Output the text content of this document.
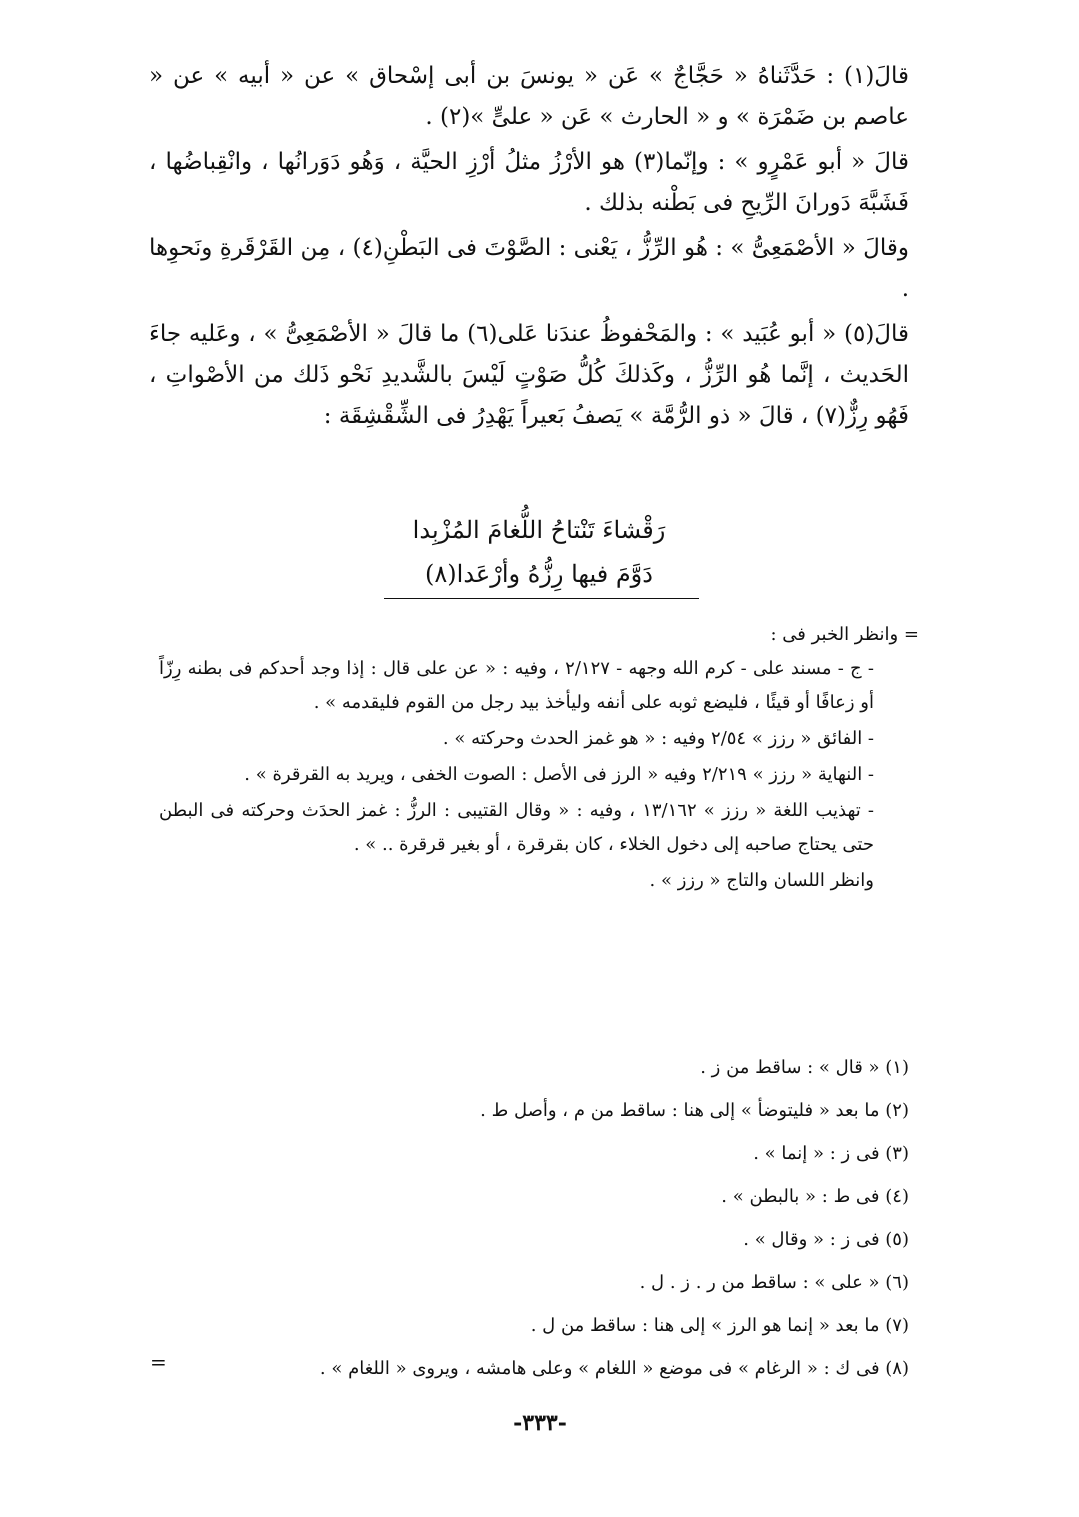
قالَ(١) : حَدَّثَناهُ « حَجَّاجٌ » عَن « يونسَ بن أبى إسْحاق » عن « أبيه » عن « عاصم بن ضَمْرَة » و « الحارث » عَن « علىٍّ »(٢) .

قالَ « أبو عَمْرٍو » : وإنّما(٣) هو الأرْزُ مثلُ أرْزِ الحيَّة ، وَهُو دَوَرانُها ، وانْقِباضُها ، فَشَبَّهَ دَورانَ الرِّيحِ فى بَطْنه بذلك .

وقالَ « الأصْمَعِىُّ » : هُو الرِّزُّ ، يَعْنى : الصَّوْتَ فى البَطْنِ(٤) ، مِن القَرْقَرةِ ونَحوِها .

قالَ(٥) « أبو عُبَيد » : والمَحْفوظُ عندَنا عَلى(٦) ما قالَ « الأصْمَعِىُّ » ، وعَليه جاءَ الحَديث ، إنَّما هُو الرِّزُّ ، وكَذلكَ كُلُّ صَوْتٍ لَيْسَ بالشَّديدِ نَحْو ذَلك من الأصْواتِ ، فَهُو رِزٌّ(٧) ، قالَ « ذو الرُّمَّة » يَصفُ بَعيراً يَهْدِرُ فى الشِّقْشِقَة :

رَقْشاءَ تَنْتاحُ اللُّغامَ المُزْبِدا
دَوَّمَ فيها رِزُّهُ وأرْعَدا(٨)
= وانظر الخبر فى :
- ج - مسند على - كرم الله وجهه - ٢/١٢٧ ، وفيه : « عن على قال : إذا وجد أحدكم فى بطنه رِزّاً أو زعافًا أو قيئًا ، فليضع ثوبه على أنفه وليأخذ بيد رجل من القوم فليقدمه » .
- الفائق « رزز » ٢/٥٤ وفيه : « هو غمز الحدث وحركته » .
- النهاية « رزز » ٢/٢١٩ وفيه « الرز فى الأصل : الصوت الخفى ، ويريد به القرقرة » .
- تهذيب اللغة « رزز » ١٣/١٦٢ ، وفيه : « وقال القتيبى : الرزُّ : غمز الحدَث وحركته فى البطن حتى يحتاج صاحبه إلى دخول الخلاء ، كان بقرقرة ، أو بغير قرقرة .. » .
وانظر اللسان والتاج « رزز » .
(١) « قال » : ساقط من ز .
(٢) ما بعد « فليتوضأ » إلى هنا : ساقط من م ، وأصل ط .
(٣) فى ز : « إنما » .
(٤) فى ط : « بالبطن » .
(٥) فى ز : « وقال » .
(٦) « على » : ساقط من ر . ز . ل .
(٧) ما بعد « إنما هو الرز » إلى هنا : ساقط من ل .
(٨) فى ك : « الرغام » فى موضع « اللغام » وعلى هامشه ، ويروى « اللغام » .
=
-٣٣٣-
